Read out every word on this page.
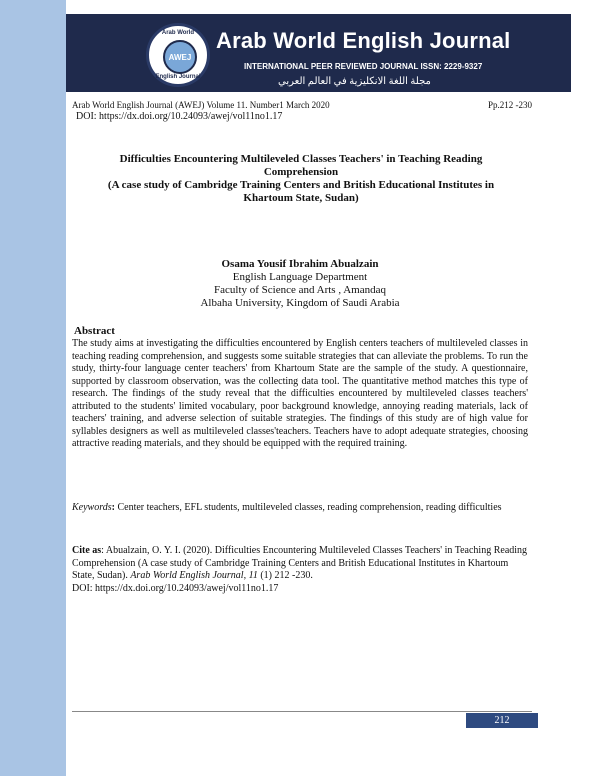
Arab World
AWEJ
English Journal
Arab World English Journal
INTERNATIONAL PEER REVIEWED JOURNAL ISSN: 2229-9327
مجلة اللغة الانكليزية في العالم العربي
Arab World English Journal (AWEJ) Volume 11. Number1 March 2020	Pp.212 -230
DOI: https://dx.doi.org/10.24093/awej/vol11no1.17
Difficulties Encountering Multileveled Classes Teachers' in Teaching Reading
Comprehension
(A case study of Cambridge Training Centers and British Educational Institutes in
Khartoum State, Sudan)
Osama Yousif Ibrahim Abualzain
English Language Department
Faculty of Science and Arts , Amandaq
Albaha University, Kingdom of Saudi Arabia
Abstract
The study aims at investigating the difficulties encountered by English centers teachers of multileveled classes in teaching reading comprehension, and suggests some suitable strategies that can alleviate the problems. To run the study, thirty-four language center teachers' from Khartoum State are the sample of the study. A questionnaire, supported by classroom observation, was the collecting data tool. The quantitative method matches this type of research. The findings of the study reveal that the difficulties encountered by multileveled classes teachers' attributed to the students' limited vocabulary, poor background knowledge, annoying reading materials, lack of teachers' training, and adverse selection of suitable strategies. The findings of this study are of high value for syllables designers as well as multileveled classes'teachers. Teachers have to adopt adequate strategies, choosing attractive reading materials, and they should be equipped with the required training.
Keywords: Center teachers, EFL students, multileveled classes, reading comprehension, reading difficulties
Cite as: Abualzain, O. Y. I. (2020). Difficulties Encountering Multileveled Classes Teachers' in Teaching Reading Comprehension (A case study of Cambridge Training Centers and British Educational Institutes in Khartoum State, Sudan). Arab World English Journal, 11 (1) 212 -230.
DOI: https://dx.doi.org/10.24093/awej/vol11no1.17
212
